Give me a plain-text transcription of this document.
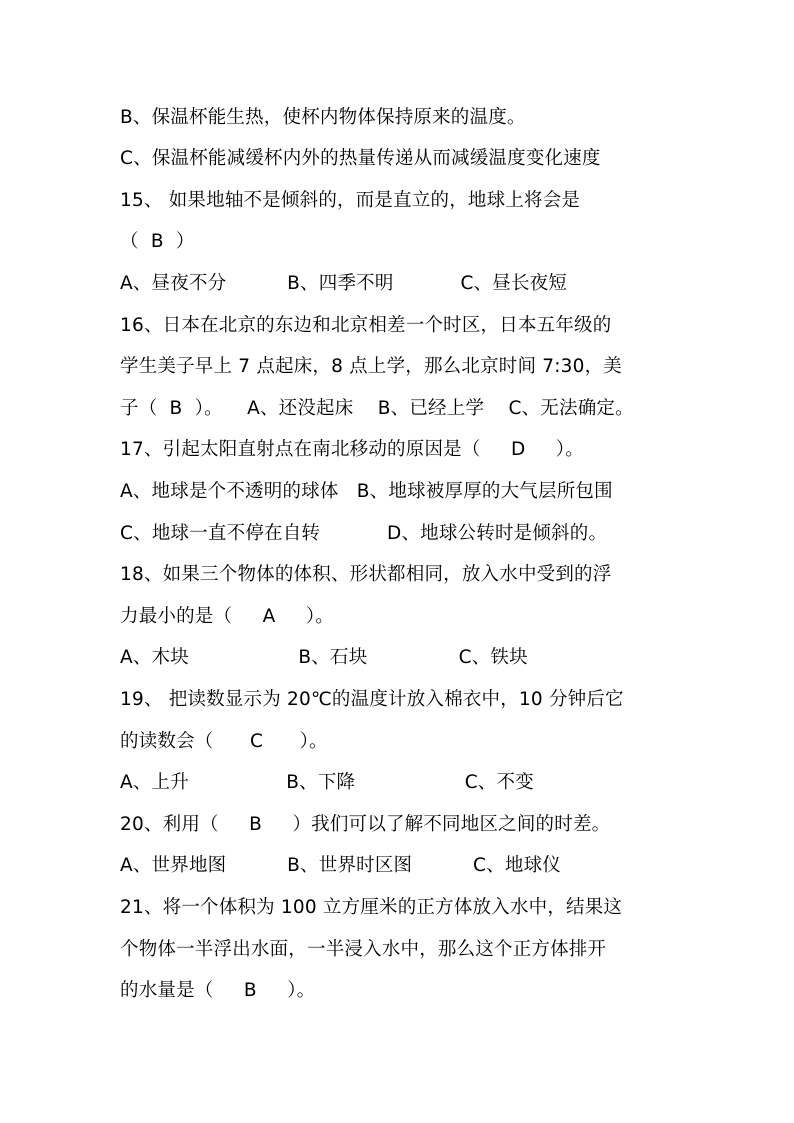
B、保温杯能生热，使杯内物体保持原来的温度。
C、保温杯能减缓杯内外的热量传递从而减缓温度变化速度
15、 如果地轴不是倾斜的，而是直立的，地球上将会是
（  B  ）
A、昼夜不分          B、四季不明           C、昼长夜短
16、日本在北京的东边和北京相差一个时区，日本五年级的
学生美子早上 7 点起床，8 点上学，那么北京时间 7:30，美
子（  B  ）。    A、还没起床    B、已经上学    C、无法确定。
17、引起太阳直射点在南北移动的原因是（     D     ）。
A、地球是个不透明的球体   B、地球被厚厚的大气层所包围
C、地球一直不停在自转           D、地球公转时是倾斜的。
18、如果三个物体的体积、形状都相同，放入水中受到的浮
力最小的是（     A     ）。
A、木块                  B、石块               C、铁块
19、 把读数显示为 20℃的温度计放入棉衣中，10 分钟后它
的读数会（      C      ）。
A、上升                B、下降                  C、不变
20、利用（     B     ）我们可以了解不同地区之间的时差。
A、世界地图          B、世界时区图          C、地球仪
21、将一个体积为 100 立方厘米的正方体放入水中，结果这
个物体一半浮出水面，一半浸入水中，那么这个正方体排开
的水量是（     B     ）。
